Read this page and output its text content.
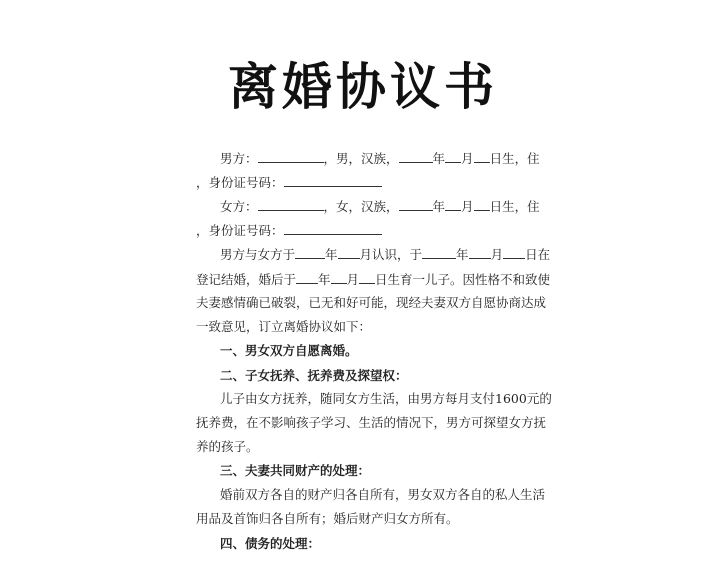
离婚协议书
男方：	，男，汉族，	年 月 日生，住
，身份证号码：
女方：	，女，汉族，	年 月 日生，住
，身份证号码：
男方与女方于 年 月认识，于	年 月 日在
登记结婚，婚后于 年 月 日生育一儿子。因性格不和致使
夫妻感情确已破裂，已无和好可能，现经夫妻双方自愿协商达成
一致意见，订立离婚协议如下：
一、男女双方自愿离婚。
二、子女抚养、抚养费及探望权：
儿子由女方抚养，随同女方生活，由男方每月支付1600元的
抚养费，在不影响孩子学习、生活的情况下，男方可探望女方抚
养的孩子。
三、夫妻共同财产的处理：
婚前双方各自的财产归各自所有，男女双方各自的私人生活
用品及首饰归各自所有；婚后财产归女方所有。
四、债务的处理：
